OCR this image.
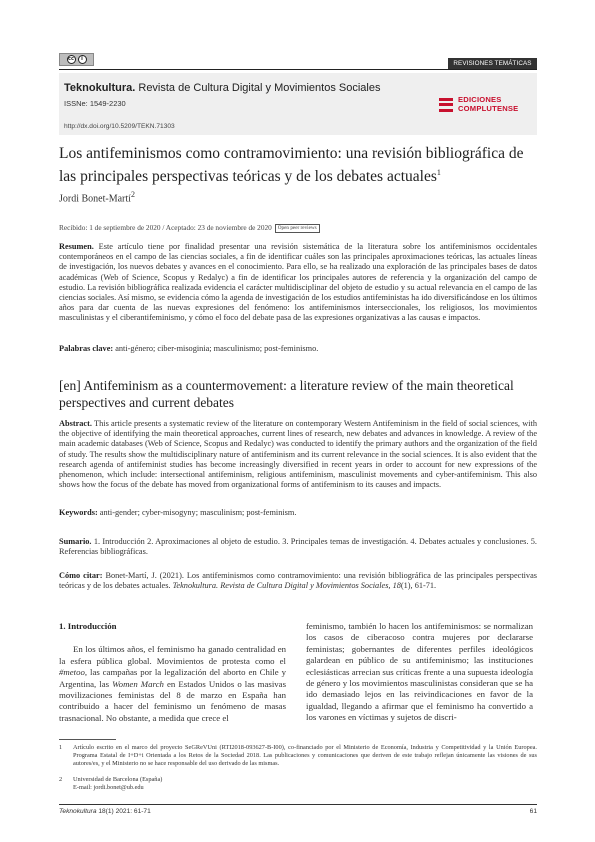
cc	i
REVISIONES TEMÁTICAS
Teknokultura. Revista de Cultura Digital y Movimientos Sociales
ISSNe: 1549-2230
http://dx.doi.org/10.5209/TEKN.71303
EDICIONES
COMPLUTENSE
Los antifeminismos como contramovimiento: una revisión bibliográfica de las principales perspectivas teóricas y de los debates actuales$^1$
Jordi Bonet-Martí$^2$
Recibido: 1 de septiembre de 2020 / Aceptado: 23 de noviembre de 2020 Open peer reviews
Resumen. Este artículo tiene por finalidad presentar una revisión sistemática de la literatura sobre los antifeminismos occidentales contemporáneos en el campo de las ciencias sociales, a fin de identificar cuáles son las principales aproximaciones teóricas, las actuales líneas de investigación, los nuevos debates y avances en el conocimiento. Para ello, se ha realizado una exploración de las principales bases de datos académicas (Web of Science, Scopus y Redalyc) a fin de identificar los principales autores de referencia y la organización del campo de estudio. La revisión bibliográfica realizada evidencia el carácter multidisciplinar del objeto de estudio y su actual relevancia en el campo de las ciencias sociales. Así mismo, se evidencia cómo la agenda de investigación de los estudios antifeministas ha ido diversificándose en los últimos años para dar cuenta de las nuevas expresiones del fenómeno: los antifeminismos interseccionales, los religiosos, los movimientos masculinistas y el ciberantifeminismo, y cómo el foco del debate pasa de las expresiones organizativas a las causas e impactos.
Palabras clave: anti-género; ciber-misoginia; masculinismo; post-feminismo.
[en] Antifeminism as a countermovement: a literature review of the main theoretical perspectives and current debates
Abstract. This article presents a systematic review of the literature on contemporary Western Antifeminism in the field of social sciences, with the objective of identifying the main theoretical approaches, current lines of research, new debates and advances in knowledge. A review of the main academic databases (Web of Science, Scopus and Redalyc) was conducted to identify the primary authors and the organization of the field of study. The results show the multidisciplinary nature of antifeminism and its current relevance in the social sciences. It is also evident that the research agenda of antifeminist studies has become increasingly diversified in recent years in order to account for new expressions of the phenomenon, which include: intersectional antifeminism, religious antifeminism, masculinist movements and cyber-antifeminism. This also shows how the focus of the debate has moved from organizational forms of antifeminism to its causes and impacts.
Keywords: anti-gender; cyber-misogyny; masculinism; post-feminism.
Sumario. 1. Introducción 2. Aproximaciones al objeto de estudio. 3. Principales temas de investigación. 4. Debates actuales y conclusiones. 5. Referencias bibliográficas.
Cómo citar: Bonet-Martí, J. (2021). Los antifeminismos como contramovimiento: una revisión bibliográfica de las principales perspectivas teóricas y de los debates actuales. Teknokultura. Revista de Cultura Digital y Movimientos Sociales, 18(1), 61-71.
1. Introducción
En los últimos años, el feminismo ha ganado centralidad en la esfera pública global. Movimientos de protesta como el #metoo, las campañas por la legalización del aborto en Chile y Argentina, las Women March en Estados Unidos o las masivas movilizaciones feministas del 8 de marzo en España han contribuido a hacer del feminismo un fenómeno de masas trasnacional. No obstante, a medida que crece el
feminismo, también lo hacen los antifeminismos: se normalizan los casos de ciberacoso contra mujeres por declararse feministas; gobernantes de diferentes perfiles ideológicos galardean en público de su antifeminismo; las instituciones eclesiásticas arrecian sus críticas frente a una supuesta ideología de género y los movimientos masculinistas consideran que se ha ido demasiado lejos en las reivindicaciones en favor de la igualdad, llegando a afirmar que el feminismo ha convertido a los varones en víctimas y sujetos de discri-
1	Artículo escrito en el marco del proyecto SeGReVUni (RTI2018-093627-B-I00), co-financiado por el Ministerio de Economía, Industria y Competitividad y la Unión Europea. Programa Estatal de I+D+i Orientada a los Retos de la Sociedad 2018. Las publicaciones y comunicaciones que deriven de este trabajo reflejan únicamente las visiones de sus autores/es, y el Ministerio no se hace responsable del uso derivado de las mismas.
2	Universidad de Barcelona (España)
E-mail: jordi.bonet@ub.edu
Teknokultura 18(1) 2021: 61-71	61
